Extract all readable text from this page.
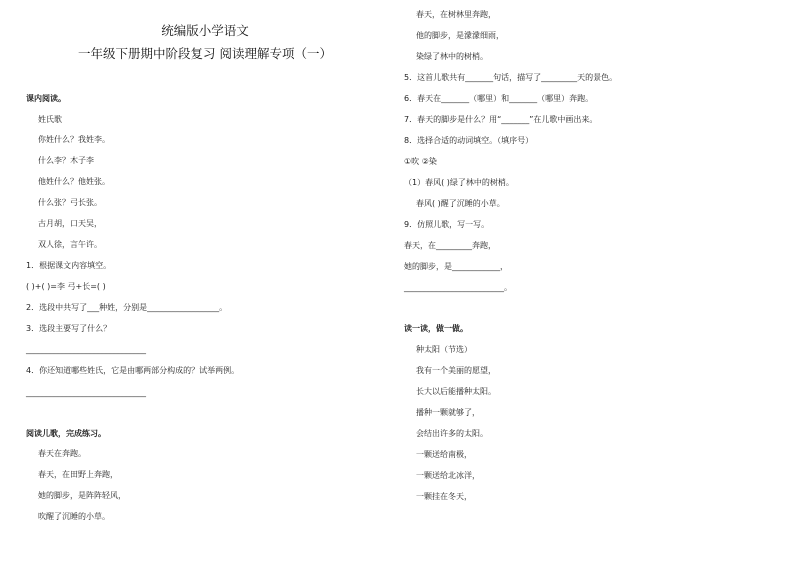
统编版小学语文
一年级下册期中阶段复习 阅读理解专项（一）
课内阅读。
姓氏歌
你姓什么？我姓李。
什么李？木子李
他姓什么？他姓张。
什么张？弓长张。
古月胡，口天吴，
双人徐，言午许。
1．根据课文内容填空。
( )+( )=李 弓+长=( )
2．选段中共写了___种姓，分别是__________________。
3．选段主要写了什么？
______________________________
4．你还知道哪些姓氏，它是由哪两部分构成的？试举两例。
______________________________
阅读儿歌，完成练习。
春天在奔跑。
春天，在田野上奔跑，
她的脚步，是阵阵轻风，
吹醒了沉睡的小草。
春天，在树林里奔跑，
他的脚步，是濛濛细雨，
染绿了林中的树梢。
5．这首儿歌共有_______句话，描写了_________天的景色。
6．春天在_______（哪里）和_______（哪里）奔跑。
7．春天的脚步是什么？用“_______”在儿歌中画出来。
8．选择合适的动词填空。（填序号）
①吹 ②染
（1）春风( )绿了林中的树梢。
春风( )醒了沉睡的小草。
9．仿照儿歌，写一写。
春天，在_________奔跑，
她的脚步，是____________，
_________________________。
读一读，做一做。
种太阳（节选）
我有一个美丽的愿望，
长大以后能播种太阳。
播种一颗就够了，
会结出许多的太阳。
一颗送给南极，
一颗送给北冰洋，
一颗挂在冬天，
